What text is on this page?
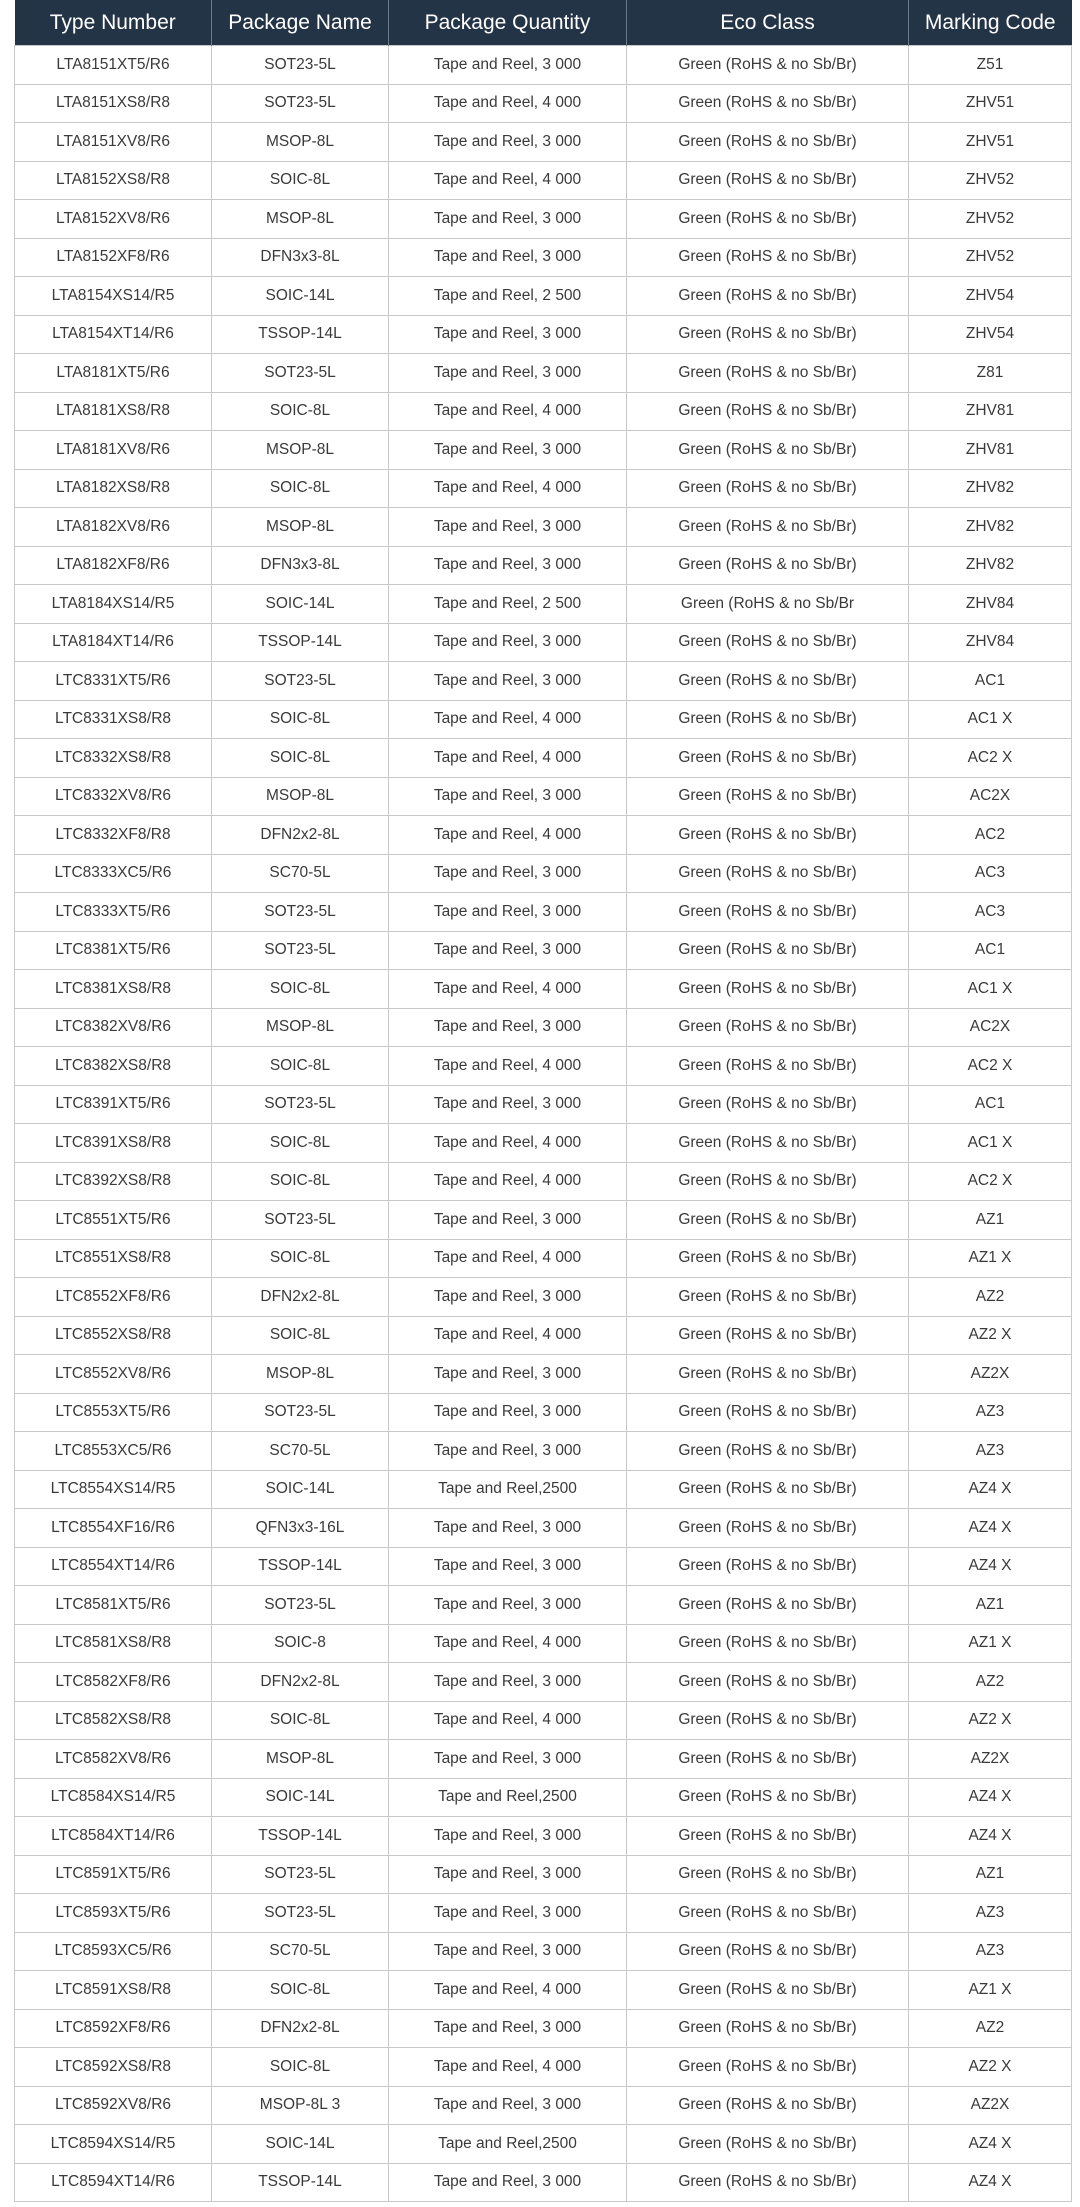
Type Number	Package Name	Package Quantity	Eco Class	Marking Code
LTA8151XT5/R6	SOT23-5L	Tape and Reel, 3 000	Green (RoHS & no Sb/Br)	Z51
LTA8151XS8/R8	SOT23-5L	Tape and Reel, 4 000	Green (RoHS & no Sb/Br)	ZHV51
LTA8151XV8/R6	MSOP-8L	Tape and Reel, 3 000	Green (RoHS & no Sb/Br)	ZHV51
LTA8152XS8/R8	SOIC-8L	Tape and Reel, 4 000	Green (RoHS & no Sb/Br)	ZHV52
LTA8152XV8/R6	MSOP-8L	Tape and Reel, 3 000	Green (RoHS & no Sb/Br)	ZHV52
LTA8152XF8/R6	DFN3x3-8L	Tape and Reel, 3 000	Green (RoHS & no Sb/Br)	ZHV52
LTA8154XS14/R5	SOIC-14L	Tape and Reel, 2 500	Green (RoHS & no Sb/Br)	ZHV54
LTA8154XT14/R6	TSSOP-14L	Tape and Reel, 3 000	Green (RoHS & no Sb/Br)	ZHV54
LTA8181XT5/R6	SOT23-5L	Tape and Reel, 3 000	Green (RoHS & no Sb/Br)	Z81
LTA8181XS8/R8	SOIC-8L	Tape and Reel, 4 000	Green (RoHS & no Sb/Br)	ZHV81
LTA8181XV8/R6	MSOP-8L	Tape and Reel, 3 000	Green (RoHS & no Sb/Br)	ZHV81
LTA8182XS8/R8	SOIC-8L	Tape and Reel, 4 000	Green (RoHS & no Sb/Br)	ZHV82
LTA8182XV8/R6	MSOP-8L	Tape and Reel, 3 000	Green (RoHS & no Sb/Br)	ZHV82
LTA8182XF8/R6	DFN3x3-8L	Tape and Reel, 3 000	Green (RoHS & no Sb/Br)	ZHV82
LTA8184XS14/R5	SOIC-14L	Tape and Reel, 2 500	Green (RoHS & no Sb/Br	ZHV84
LTA8184XT14/R6	TSSOP-14L	Tape and Reel, 3 000	Green (RoHS & no Sb/Br)	ZHV84
LTC8331XT5/R6	SOT23-5L	Tape and Reel, 3 000	Green (RoHS & no Sb/Br)	AC1
LTC8331XS8/R8	SOIC-8L	Tape and Reel, 4 000	Green (RoHS & no Sb/Br)	AC1 X
LTC8332XS8/R8	SOIC-8L	Tape and Reel, 4 000	Green (RoHS & no Sb/Br)	AC2 X
LTC8332XV8/R6	MSOP-8L	Tape and Reel, 3 000	Green (RoHS & no Sb/Br)	AC2X
LTC8332XF8/R8	DFN2x2-8L	Tape and Reel, 4 000	Green (RoHS & no Sb/Br)	AC2
LTC8333XC5/R6	SC70-5L	Tape and Reel, 3 000	Green (RoHS & no Sb/Br)	AC3
LTC8333XT5/R6	SOT23-5L	Tape and Reel, 3 000	Green (RoHS & no Sb/Br)	AC3
LTC8381XT5/R6	SOT23-5L	Tape and Reel, 3 000	Green (RoHS & no Sb/Br)	AC1
LTC8381XS8/R8	SOIC-8L	Tape and Reel, 4 000	Green (RoHS & no Sb/Br)	AC1 X
LTC8382XV8/R6	MSOP-8L	Tape and Reel, 3 000	Green (RoHS & no Sb/Br)	AC2X
LTC8382XS8/R8	SOIC-8L	Tape and Reel, 4 000	Green (RoHS & no Sb/Br)	AC2 X
LTC8391XT5/R6	SOT23-5L	Tape and Reel, 3 000	Green (RoHS & no Sb/Br)	AC1
LTC8391XS8/R8	SOIC-8L	Tape and Reel, 4 000	Green (RoHS & no Sb/Br)	AC1 X
LTC8392XS8/R8	SOIC-8L	Tape and Reel, 4 000	Green (RoHS & no Sb/Br)	AC2 X
LTC8551XT5/R6	SOT23-5L	Tape and Reel, 3 000	Green (RoHS & no Sb/Br)	AZ1
LTC8551XS8/R8	SOIC-8L	Tape and Reel, 4 000	Green (RoHS & no Sb/Br)	AZ1 X
LTC8552XF8/R6	DFN2x2-8L	Tape and Reel, 3 000	Green (RoHS & no Sb/Br)	AZ2
LTC8552XS8/R8	SOIC-8L	Tape and Reel, 4 000	Green (RoHS & no Sb/Br)	AZ2 X
LTC8552XV8/R6	MSOP-8L	Tape and Reel, 3 000	Green (RoHS & no Sb/Br)	AZ2X
LTC8553XT5/R6	SOT23-5L	Tape and Reel, 3 000	Green (RoHS & no Sb/Br)	AZ3
LTC8553XC5/R6	SC70-5L	Tape and Reel, 3 000	Green (RoHS & no Sb/Br)	AZ3
LTC8554XS14/R5	SOIC-14L	Tape and Reel,2500	Green (RoHS & no Sb/Br)	AZ4 X
LTC8554XF16/R6	QFN3x3-16L	Tape and Reel, 3 000	Green (RoHS & no Sb/Br)	AZ4 X
LTC8554XT14/R6	TSSOP-14L	Tape and Reel, 3 000	Green (RoHS & no Sb/Br)	AZ4 X
LTC8581XT5/R6	SOT23-5L	Tape and Reel, 3 000	Green (RoHS & no Sb/Br)	AZ1
LTC8581XS8/R8	SOIC-8	Tape and Reel, 4 000	Green (RoHS & no Sb/Br)	AZ1 X
LTC8582XF8/R6	DFN2x2-8L	Tape and Reel, 3 000	Green (RoHS & no Sb/Br)	AZ2
LTC8582XS8/R8	SOIC-8L	Tape and Reel, 4 000	Green (RoHS & no Sb/Br)	AZ2 X
LTC8582XV8/R6	MSOP-8L	Tape and Reel, 3 000	Green (RoHS & no Sb/Br)	AZ2X
LTC8584XS14/R5	SOIC-14L	Tape and Reel,2500	Green (RoHS & no Sb/Br)	AZ4 X
LTC8584XT14/R6	TSSOP-14L	Tape and Reel, 3 000	Green (RoHS & no Sb/Br)	AZ4 X
LTC8591XT5/R6	SOT23-5L	Tape and Reel, 3 000	Green (RoHS & no Sb/Br)	AZ1
LTC8593XT5/R6	SOT23-5L	Tape and Reel, 3 000	Green (RoHS & no Sb/Br)	AZ3
LTC8593XC5/R6	SC70-5L	Tape and Reel, 3 000	Green (RoHS & no Sb/Br)	AZ3
LTC8591XS8/R8	SOIC-8L	Tape and Reel, 4 000	Green (RoHS & no Sb/Br)	AZ1 X
LTC8592XF8/R6	DFN2x2-8L	Tape and Reel, 3 000	Green (RoHS & no Sb/Br)	AZ2
LTC8592XS8/R8	SOIC-8L	Tape and Reel, 4 000	Green (RoHS & no Sb/Br)	AZ2 X
LTC8592XV8/R6	MSOP-8L 3	Tape and Reel, 3 000	Green (RoHS & no Sb/Br)	AZ2X
LTC8594XS14/R5	SOIC-14L	Tape and Reel,2500	Green (RoHS & no Sb/Br)	AZ4 X
LTC8594XT14/R6	TSSOP-14L	Tape and Reel, 3 000	Green (RoHS & no Sb/Br)	AZ4 X
